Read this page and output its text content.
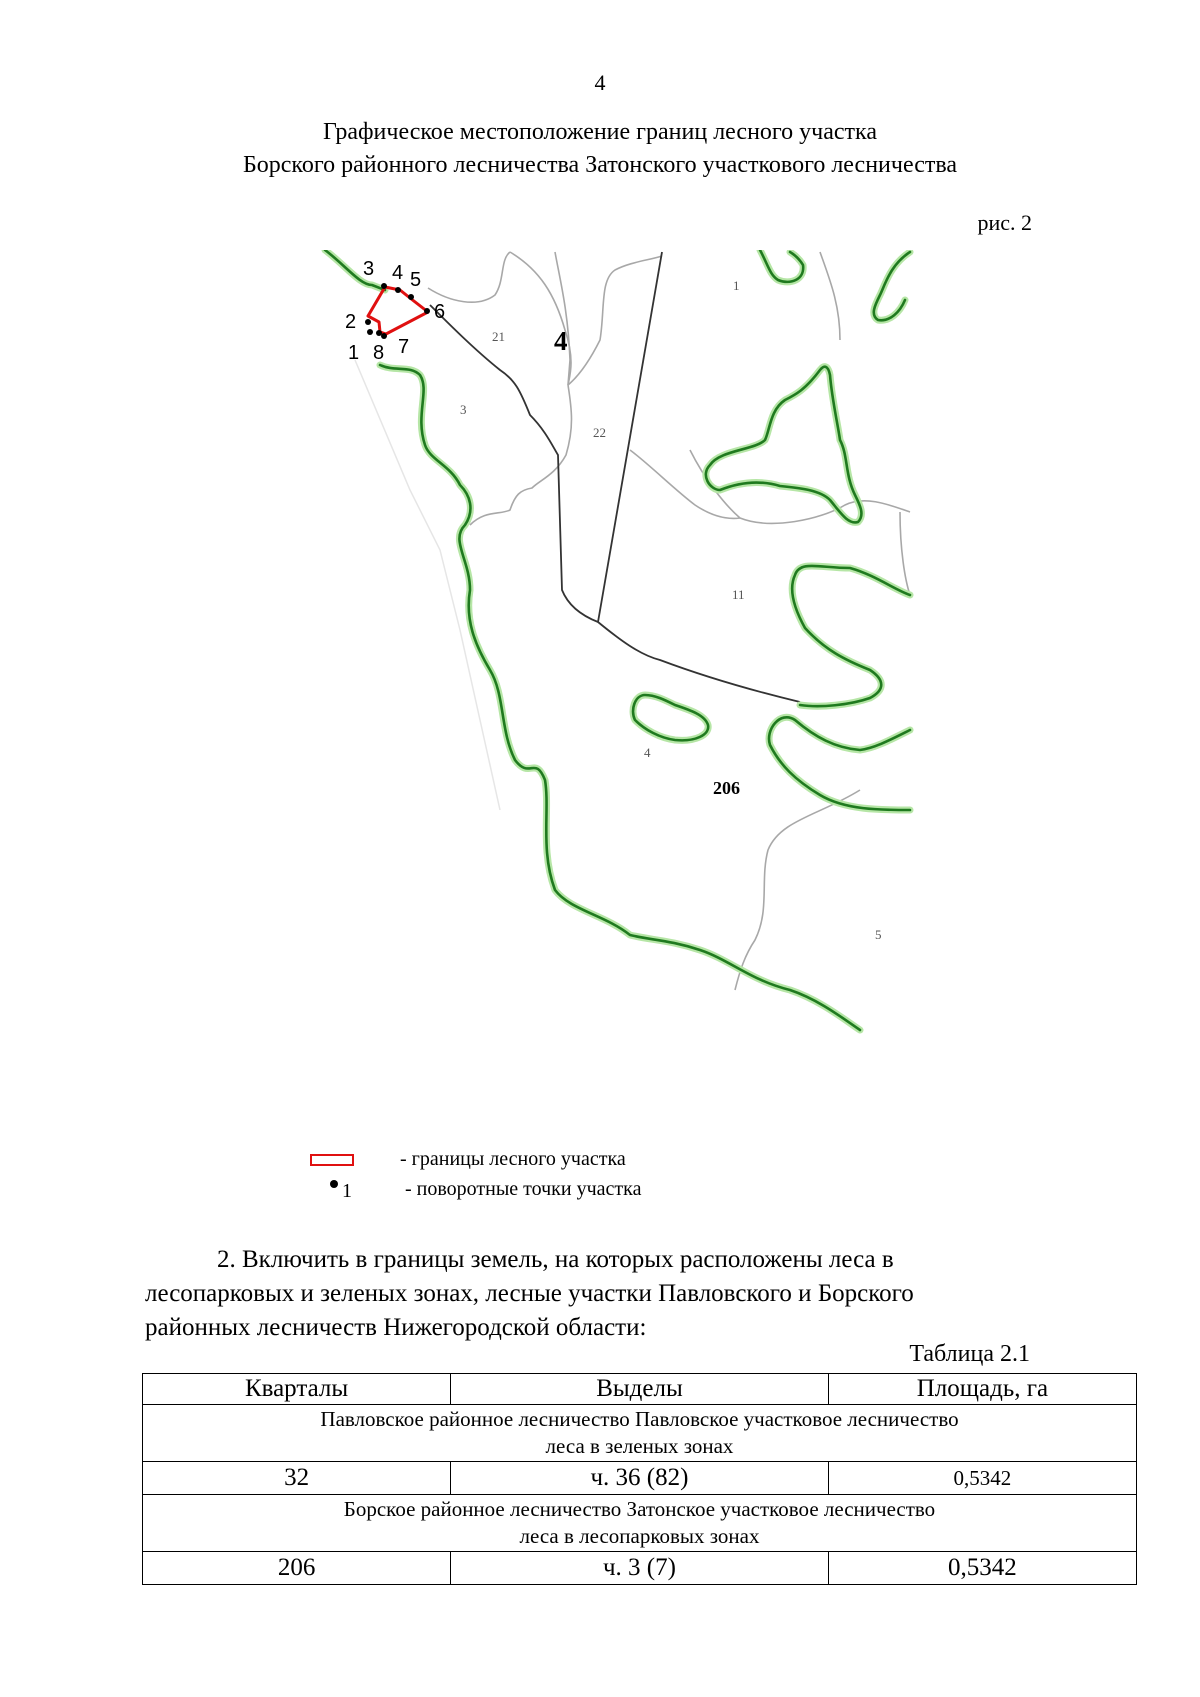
4
Графическое местоположение границ лесного участка
Борского районного лесничества Затонского участкового лесничества
рис. 2
1
2
3 4 5
6
7
8	4
206
1
21
3
22
11
4
5
- границы лесного участка
1	- поворотные точки участка
2. Включить в границы земель, на которых расположены леса в
лесопарковых и зеленых зонах, лесные участки Павловского и Борского
районных лесничеств Нижегородской области:
Таблица 2.1
Кварталы	Выделы	Площадь, га

Павловское районное лесничество Павловское участковое лесничество
леса в зеленых зонах		

32	ч. 36 (82)	0,5342

Борское районное лесничество Затонское участковое лесничество
леса в лесопарковых зонах		

206	ч. 3 (7)	0,5342
